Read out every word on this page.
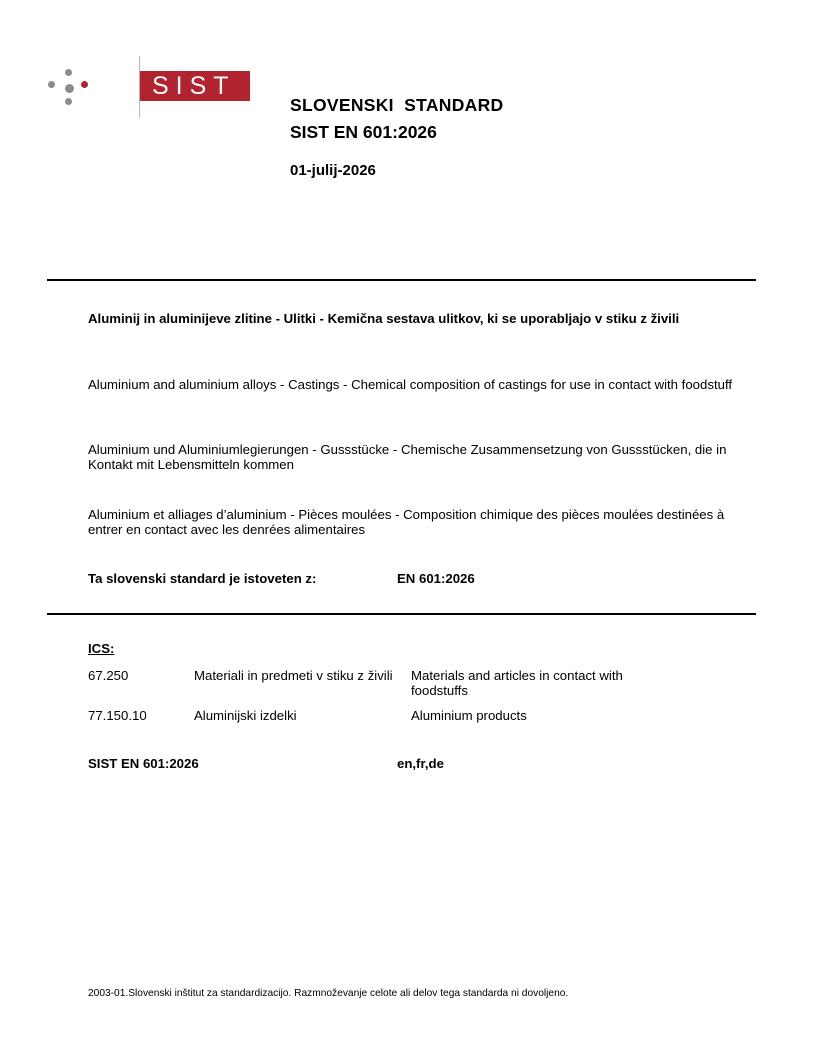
SIST
SLOVENSKI  STANDARD
SIST EN 601:2026
01-julij-2026
Aluminij in aluminijeve zlitine - Ulitki - Kemična sestava ulitkov, ki se uporabljajo v stiku z živili
Aluminium and aluminium alloys - Castings - Chemical composition of castings for use in contact with foodstuff
Aluminium und Aluminiumlegierungen - Gussstücke - Chemische Zusammensetzung von Gussstücken, die in Kontakt mit Lebensmitteln kommen
Aluminium et alliages d’aluminium - Pièces moulées - Composition chimique des pièces moulées destinées à entrer en contact avec les denrées alimentaires
Ta slovenski standard je istoveten z:	EN 601:2026
ICS:
67.250	Materiali in predmeti v stiku z živili	Materials and articles in contact with foodstuffs
77.150.10	Aluminijski izdelki	Aluminium products
SIST EN 601:2026	en,fr,de
2003-01.Slovenski inštitut za standardizacijo. Razmnoževanje celote ali delov tega standarda ni dovoljeno.
